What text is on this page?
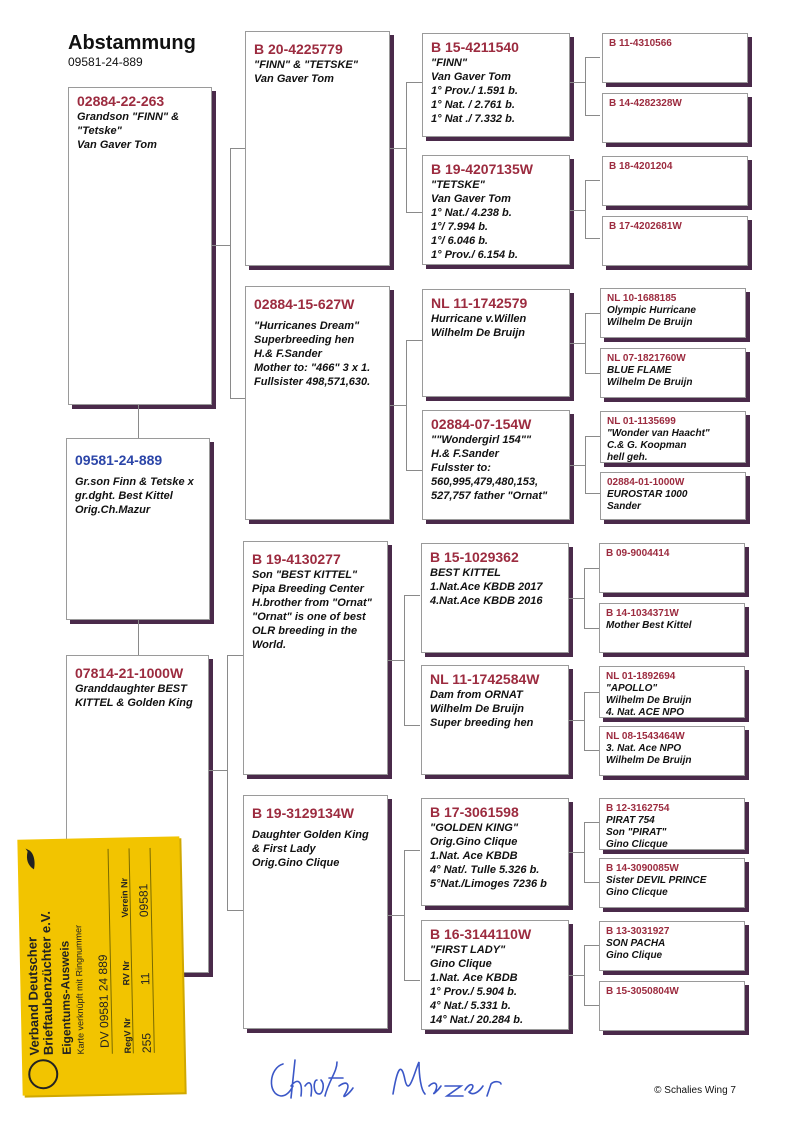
Abstammung
09581-24-889
02884-22-263
Grandson "FINN" &
"Tetske"
Van Gaver Tom
09581-24-889
Gr.son Finn & Tetske x
gr.dght. Best Kittel
Orig.Ch.Mazur
07814-21-1000W
Granddaughter BEST
KITTEL & Golden King
B 20-4225779
"FINN" & "TETSKE"
Van Gaver Tom
02884-15-627W
"Hurricanes Dream"
Superbreeding hen
H.& F.Sander
Mother to: "466" 3 x 1.
Fullsister 498,571,630.
B 19-4130277
Son "BEST KITTEL"
Pipa Breeding Center
H.brother from "Ornat"
"Ornat" is one of best
OLR breeding in the
World.
B 19-3129134W
Daughter Golden King
& First Lady
Orig.Gino Clique
B 15-4211540
"FINN"
Van Gaver Tom
1° Prov./ 1.591 b.
1° Nat. / 2.761 b.
1° Nat ./ 7.332 b.
B 19-4207135W
"TETSKE"
Van Gaver Tom
1° Nat./ 4.238 b.
1°/ 7.994 b.
1°/ 6.046 b.
1° Prov./ 6.154 b.
NL 11-1742579
Hurricane v.Willen
Wilhelm De Bruijn
02884-07-154W
""Wondergirl 154""
H.& F.Sander
Fulsster to:
560,995,479,480,153,
527,757 father "Ornat"
B 15-1029362
BEST KITTEL
1.Nat.Ace KBDB 2017
4.Nat.Ace KBDB 2016
NL 11-1742584W
Dam from ORNAT
Wilhelm De Bruijn
Super breeding hen
B 17-3061598
"GOLDEN KING"
Orig.Gino Clique
1.Nat. Ace KBDB
4° Nat/. Tulle 5.326 b.
5°Nat./Limoges 7236 b
B 16-3144110W
"FIRST LADY"
Gino Clique
1.Nat. Ace KBDB
1° Prov./ 5.904 b.
4° Nat./ 5.331 b.
14° Nat./ 20.284 b.
B 11-4310566
B 14-4282328W
B 18-4201204
B 17-4202681W
NL 10-1688185
Olympic Hurricane
Wilhelm De Bruijn
NL 07-1821760W
BLUE FLAME
Wilhelm De Bruijn
NL 01-1135699
"Wonder van Haacht"
C.& G. Koopman
hell geh.
02884-01-1000W
EUROSTAR 1000
Sander
B 09-9004414
B 14-1034371W
Mother Best Kittel
NL 01-1892694
"APOLLO"
Wilhelm De Bruijn
4. Nat. ACE NPO
NL 08-1543464W
3. Nat. Ace NPO
Wilhelm De Bruijn
B 12-3162754
PIRAT 754
Son "PIRAT"
Gino Clicque
B 14-3090085W
Sister DEVIL PRINCE
Gino Clicque
B 13-3031927
SON PACHA
Gino Clique
B 15-3050804W
Verband Deutscher
Brieftaubenzüchter e.V. Eigentums-Ausweis Karte verknüpft mit Ringnummer DV 09581 24 889 RegV Nr
RV Nr
Verein Nr
255
11
09581
© Schalies Wing 7
